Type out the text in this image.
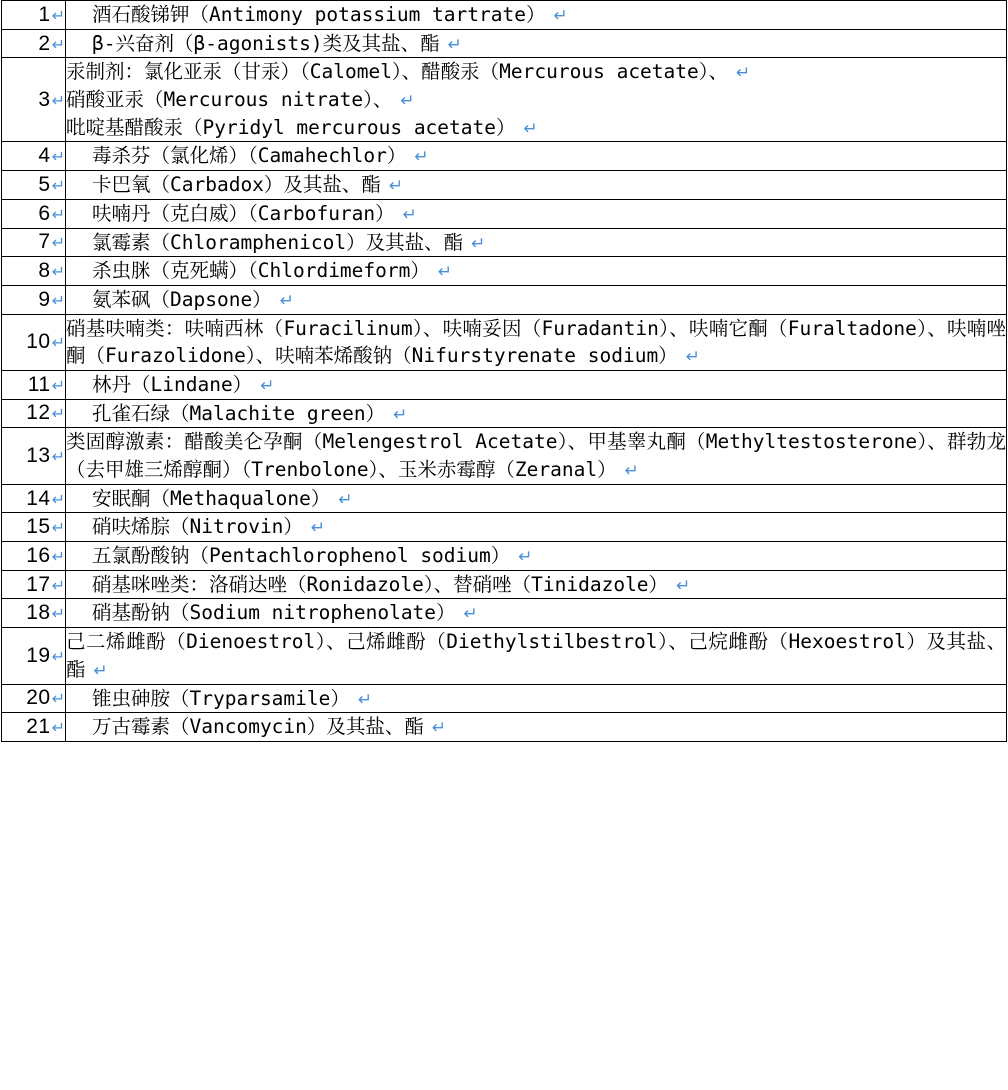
1↵	酒石酸锑钾（Antimony potassium tartrate） ↵

2↵	β-兴奋剂（β-agonists)类及其盐、酯 ↵

3↵	汞制剂：氯化亚汞（甘汞）（Calomel）、醋酸汞（Mercurous acetate）、 ↵
硝酸亚汞（Mercurous nitrate）、 ↵
吡啶基醋酸汞（Pyridyl mercurous acetate） ↵

4↵	毒杀芬（氯化烯）（Camahechlor） ↵

5↵	卡巴氧（Carbadox）及其盐、酯 ↵

6↵	呋喃丹（克白威）（Carbofuran） ↵

7↵	氯霉素（Chloramphenicol）及其盐、酯 ↵

8↵	杀虫脒（克死螨）（Chlordimeform） ↵

9↵	氨苯砜（Dapsone） ↵

10↵	硝基呋喃类：呋喃西林（Furacilinum）、呋喃妥因（Furadantin）、呋喃它酮（Furaltadone）、呋喃唑酮（Furazolidone）、呋喃苯烯酸钠（Nifurstyrenate sodium） ↵

11↵	林丹（Lindane） ↵

12↵	孔雀石绿（Malachite green） ↵

13↵	类固醇激素：醋酸美仑孕酮（Melengestrol Acetate）、甲基睾丸酮（Methyltestosterone）、群勃龙（去甲雄三烯醇酮）（Trenbolone）、玉米赤霉醇（Zeranal） ↵

14↵	安眠酮（Methaqualone） ↵

15↵	硝呋烯腙（Nitrovin） ↵

16↵	五氯酚酸钠（Pentachlorophenol sodium） ↵

17↵	硝基咪唑类：洛硝达唑（Ronidazole）、替硝唑（Tinidazole） ↵

18↵	硝基酚钠（Sodium nitrophenolate） ↵

19↵	己二烯雌酚（Dienoestrol）、己烯雌酚（Diethylstilbestrol）、己烷雌酚（Hexoestrol）及其盐、酯 ↵

20↵	锥虫砷胺（Tryparsamile） ↵

21↵	万古霉素（Vancomycin）及其盐、酯 ↵
